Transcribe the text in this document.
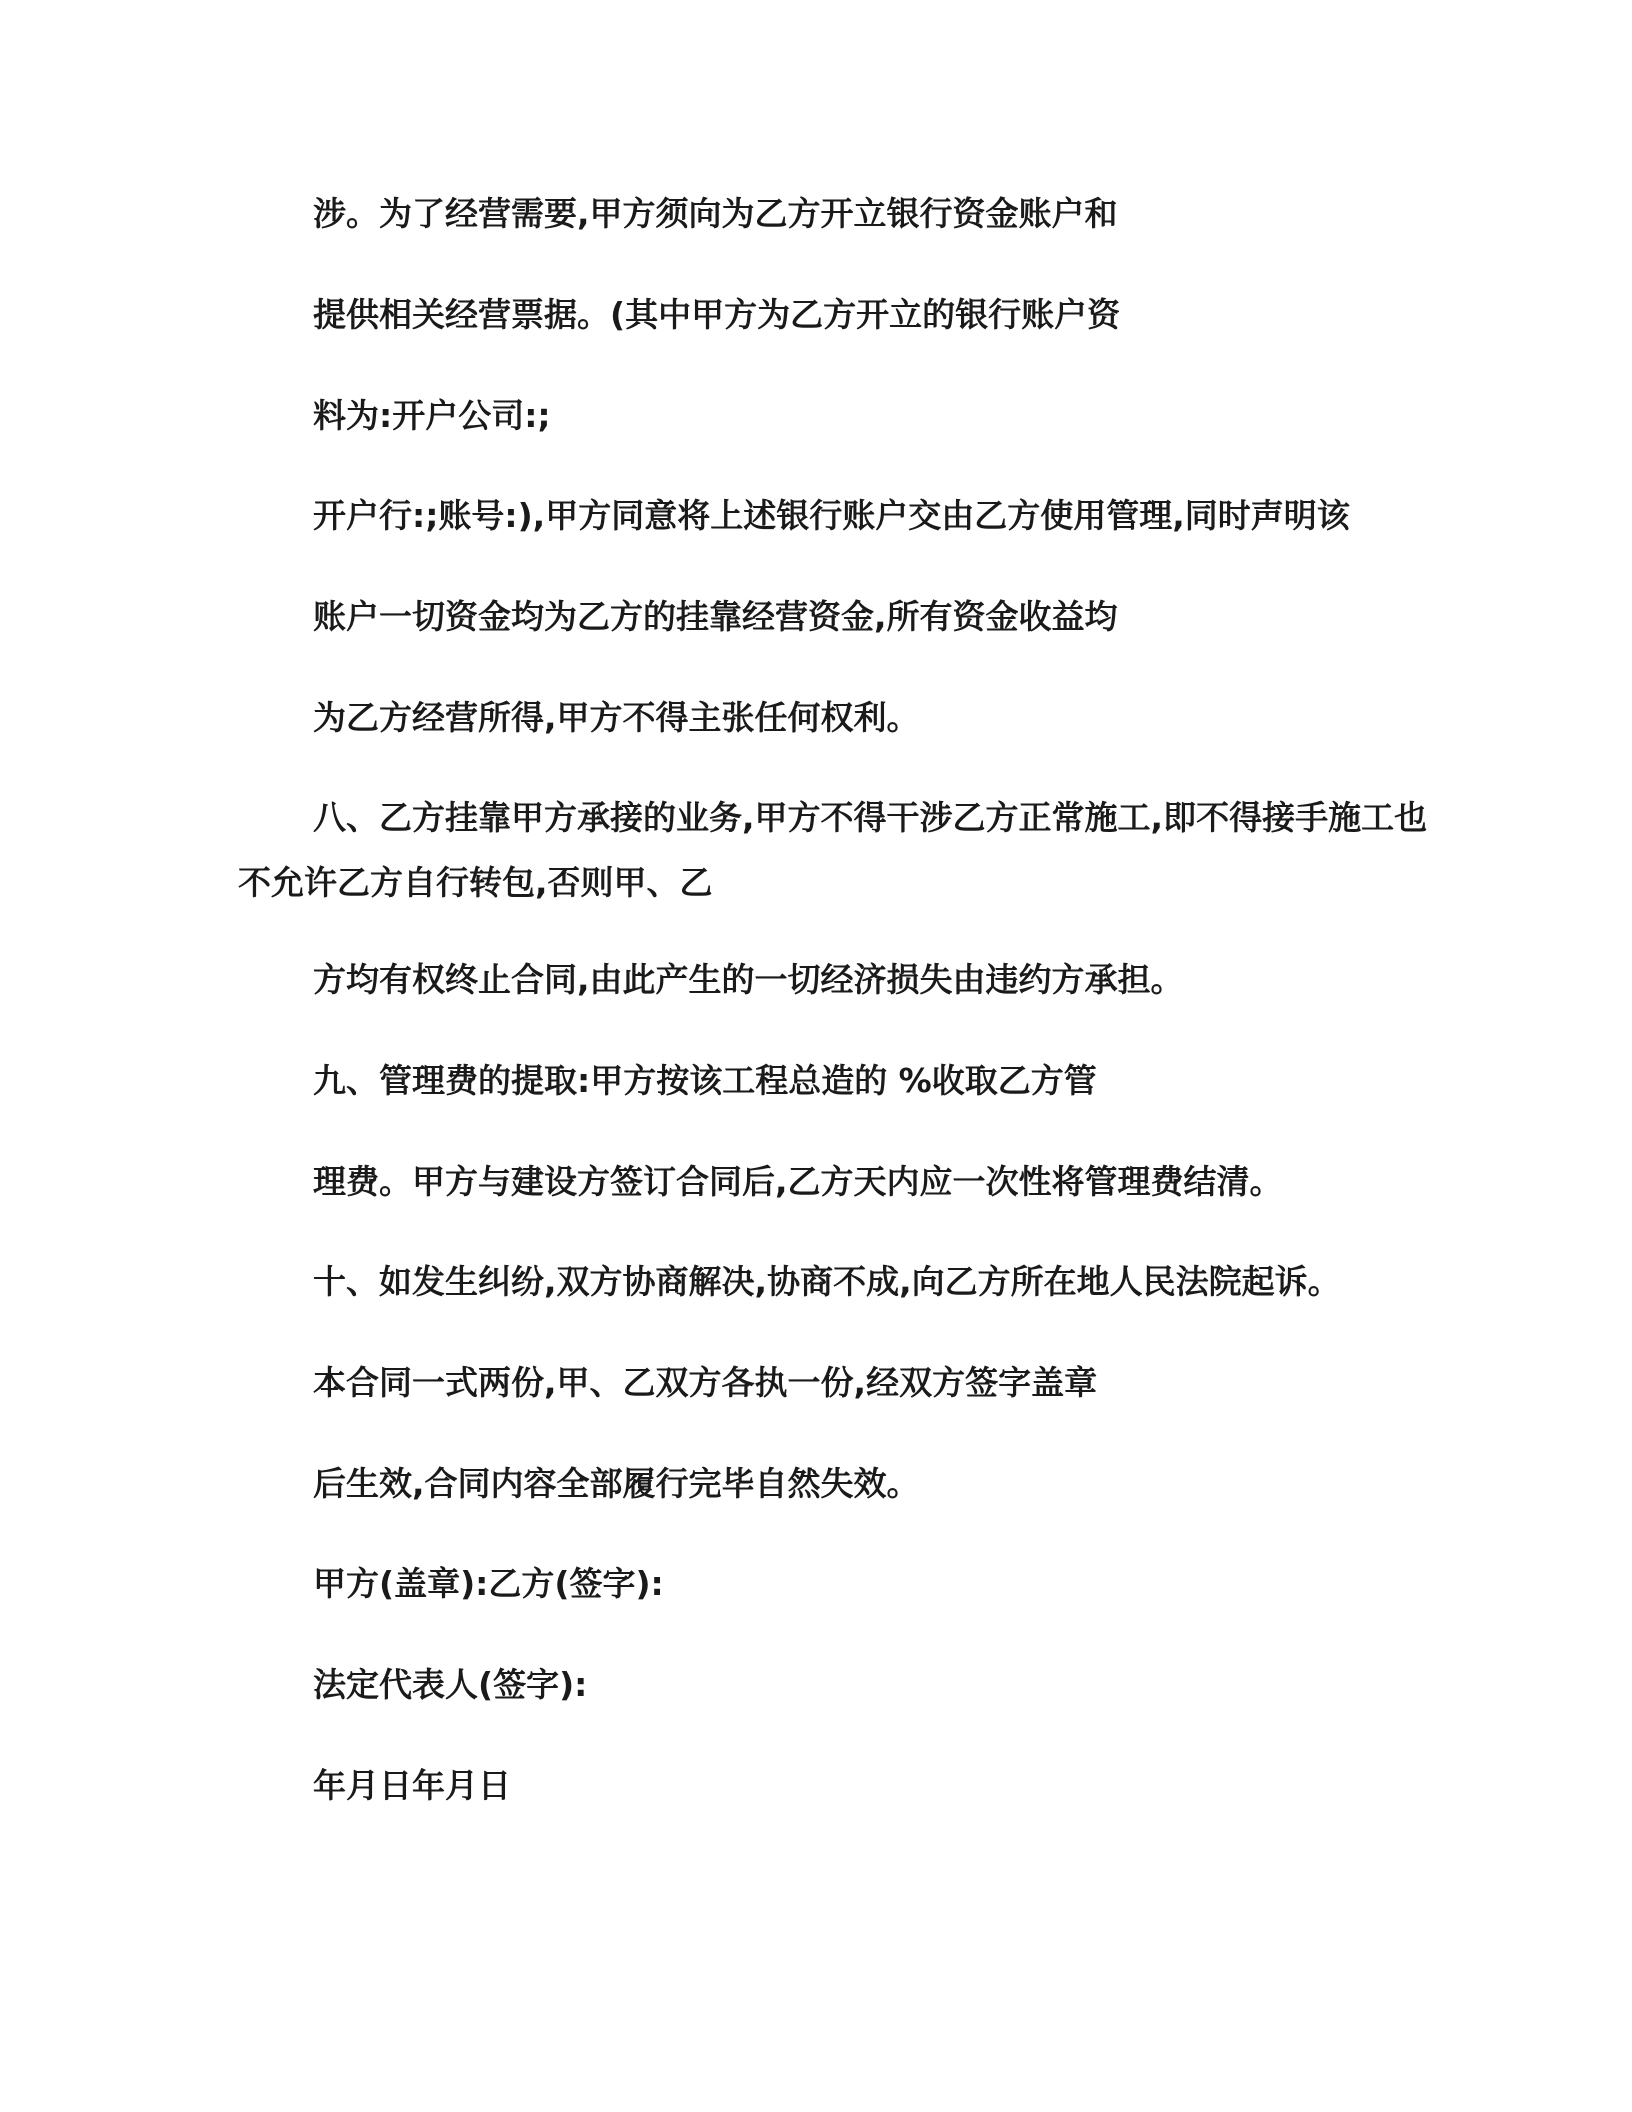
涉。为了经营需要,甲方须向为乙方开立银行资金账户和
提供相关经营票据。(其中甲方为乙方开立的银行账户资
料为:开户公司:;
开户行:;账号:),甲方同意将上述银行账户交由乙方使用管理,同时声明该
账户一切资金均为乙方的挂靠经营资金,所有资金收益均
为乙方经营所得,甲方不得主张任何权利。
八、乙方挂靠甲方承接的业务,甲方不得干涉乙方正常施工,即不得接手施工也
不允许乙方自行转包,否则甲、乙
方均有权终止合同,由此产生的一切经济损失由违约方承担。
九、管理费的提取:甲方按该工程总造的 %收取乙方管
理费。甲方与建设方签订合同后,乙方天内应一次性将管理费结清。
十、如发生纠纷,双方协商解决,协商不成,向乙方所在地人民法院起诉。
本合同一式两份,甲、乙双方各执一份,经双方签字盖章
后生效,合同内容全部履行完毕自然失效。
甲方(盖章):乙方(签字):
法定代表人(签字):
年月日年月日
